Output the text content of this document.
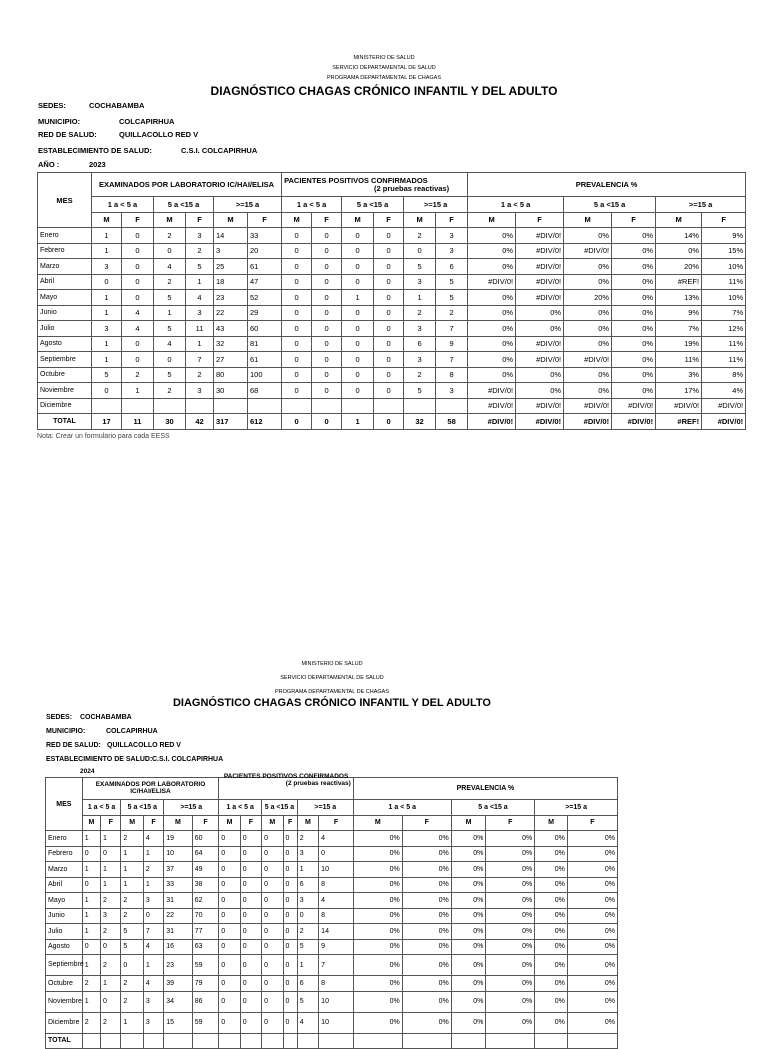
MINISTERIO DE SALUD
SERVICIO DEPARTAMENTAL DE SALUD
PROGRAMA DEPARTAMENTAL DE CHAGAS
DIAGNÓSTICO CHAGAS CRÓNICO INFANTIL Y DEL ADULTO
SEDES:	COCHABAMBA
MUNICIPIO:	COLCAPIRHUA
RED DE SALUD:	QUILLACOLLO RED V
ESTABLECIMIENTO DE SALUD:	C.S.I. COLCAPIRHUA
AÑO :	2023
MES	EXAMINADOS POR LABORATORIO IC/HAI/ELISA						PACIENTES POSITIVOS CONFIRMADOS
(2 pruebas reactivas)						PREVALENCIA %					
	1 a < 5 a		5 a <15 a		>=15 a		1 a < 5 a		5 a <15 a		>=15 a		1 a < 5 a		5 a <15 a		>=15 a	
	M	F	M	F	M	F	M	F	M	F	M	F	M	F	M	F	M	F
Enero	1	0	2	3	14	33	0	0	0	0	2	3	0%	#DIV/0!	0%	0%	14%	9%
Febrero	1	0	0	2	3	20	0	0	0	0	0	3	0%	#DIV/0!	#DIV/0!	0%	0%	15%
Marzo	3	0	4	5	25	61	0	0	0	0	5	6	0%	#DIV/0!	0%	0%	20%	10%
Abril	0	0	2	1	18	47	0	0	0	0	3	5	#DIV/0!	#DIV/0!	0%	0%	#REF!	11%
Mayo	1	0	5	4	23	52	0	0	1	0	1	5	0%	#DIV/0!	20%	0%	13%	10%
Junio	1	4	1	3	22	29	0	0	0	0	2	2	0%	0%	0%	0%	9%	7%
Julio	3	4	5	11	43	60	0	0	0	0	3	7	0%	0%	0%	0%	7%	12%
Agosto	1	0	4	1	32	81	0	0	0	0	6	9	0%	#DIV/0!	0%	0%	19%	11%
Septiembre	1	0	0	7	27	61	0	0	0	0	3	7	0%	#DIV/0!	#DIV/0!	0%	11%	11%
Octubre	5	2	5	2	80	100	0	0	0	0	2	8	0%	0%	0%	0%	3%	8%
Noviembre	0	1	2	3	30	68	0	0	0	0	5	3	#DIV/0!	0%	0%	0%	17%	4%
Diciembre													#DIV/0!	#DIV/0!	#DIV/0!	#DIV/0!	#DIV/0!	#DIV/0!
TOTAL	17	11	30	42	317	612	0	0	1	0	32	58	#DIV/0!	#DIV/0!	#DIV/0!	#DIV/0!	#REF!	#DIV/0!
Nota: Crear un formulario para cada EESS
MINISTERIO DE SALUD
SERVICIO DEPARTAMENTAL DE SALUD
PROGRAMA DEPARTAMENTAL DE CHAGAS
DIAGNÓSTICO CHAGAS CRÓNICO INFANTIL Y DEL ADULTO
SEDES: COCHABAMBA
MUNICIPIO:	COLCAPIRHUA
RED DE SALUD: QUILLACOLLO RED V
ESTABLECIMIENTO DE SALUD: C.S.I. COLCAPIRHUA
2024
MES	EXAMINADOS POR LABORATORIO IC/HAI/ELISA						PACIENTES POSITIVOS CONFIRMADOS
(2 pruebas reactivas)						PREVALENCIA %					
	1 a < 5 a		5 a <15 a		>=15 a		1 a < 5 a		5 a <15 a		>=15 a		1 a < 5 a		5 a <15 a		>=15 a	
	M	F	M	F	M	F	M	F	M	F	M	F	M	F	M	F	M	F
Enero	1	1	2	4	19	60	0	0	0	0	2	4	0%	0%	0%	0%	0%	0%
Febrero	0	0	1	1	10	64	0	0	0	0	3	0	0%	0%	0%	0%	0%	0%
Marzo	1	1	1	2	37	49	0	0	0	0	1	10	0%	0%	0%	0%	0%	0%
Abril	0	1	1	1	33	38	0	0	0	0	6	8	0%	0%	0%	0%	0%	0%
Mayo	1	2	2	3	31	62	0	0	0	0	3	4	0%	0%	0%	0%	0%	0%
Junio	1	3	2	0	22	70	0	0	0	0	0	8	0%	0%	0%	0%	0%	0%
Julio	1	2	5	7	31	77	0	0	0	0	2	14	0%	0%	0%	0%	0%	0%
Agosto	0	0	5	4	16	63	0	0	0	0	5	9	0%	0%	0%	0%	0%	0%
Septiembre	1	2	0	1	23	59	0	0	0	0	1	7	0%	0%	0%	0%	0%	0%
Octubre	2	1	2	4	39	79	0	0	0	0	6	8	0%	0%	0%	0%	0%	0%
Noviembre	1	0	2	3	34	86	0	0	0	0	5	10	0%	0%	0%	0%	0%	0%
Diciembre	2	2	1	3	15	59	0	0	0	0	4	10	0%	0%	0%	0%	0%	0%
TOTAL																		
